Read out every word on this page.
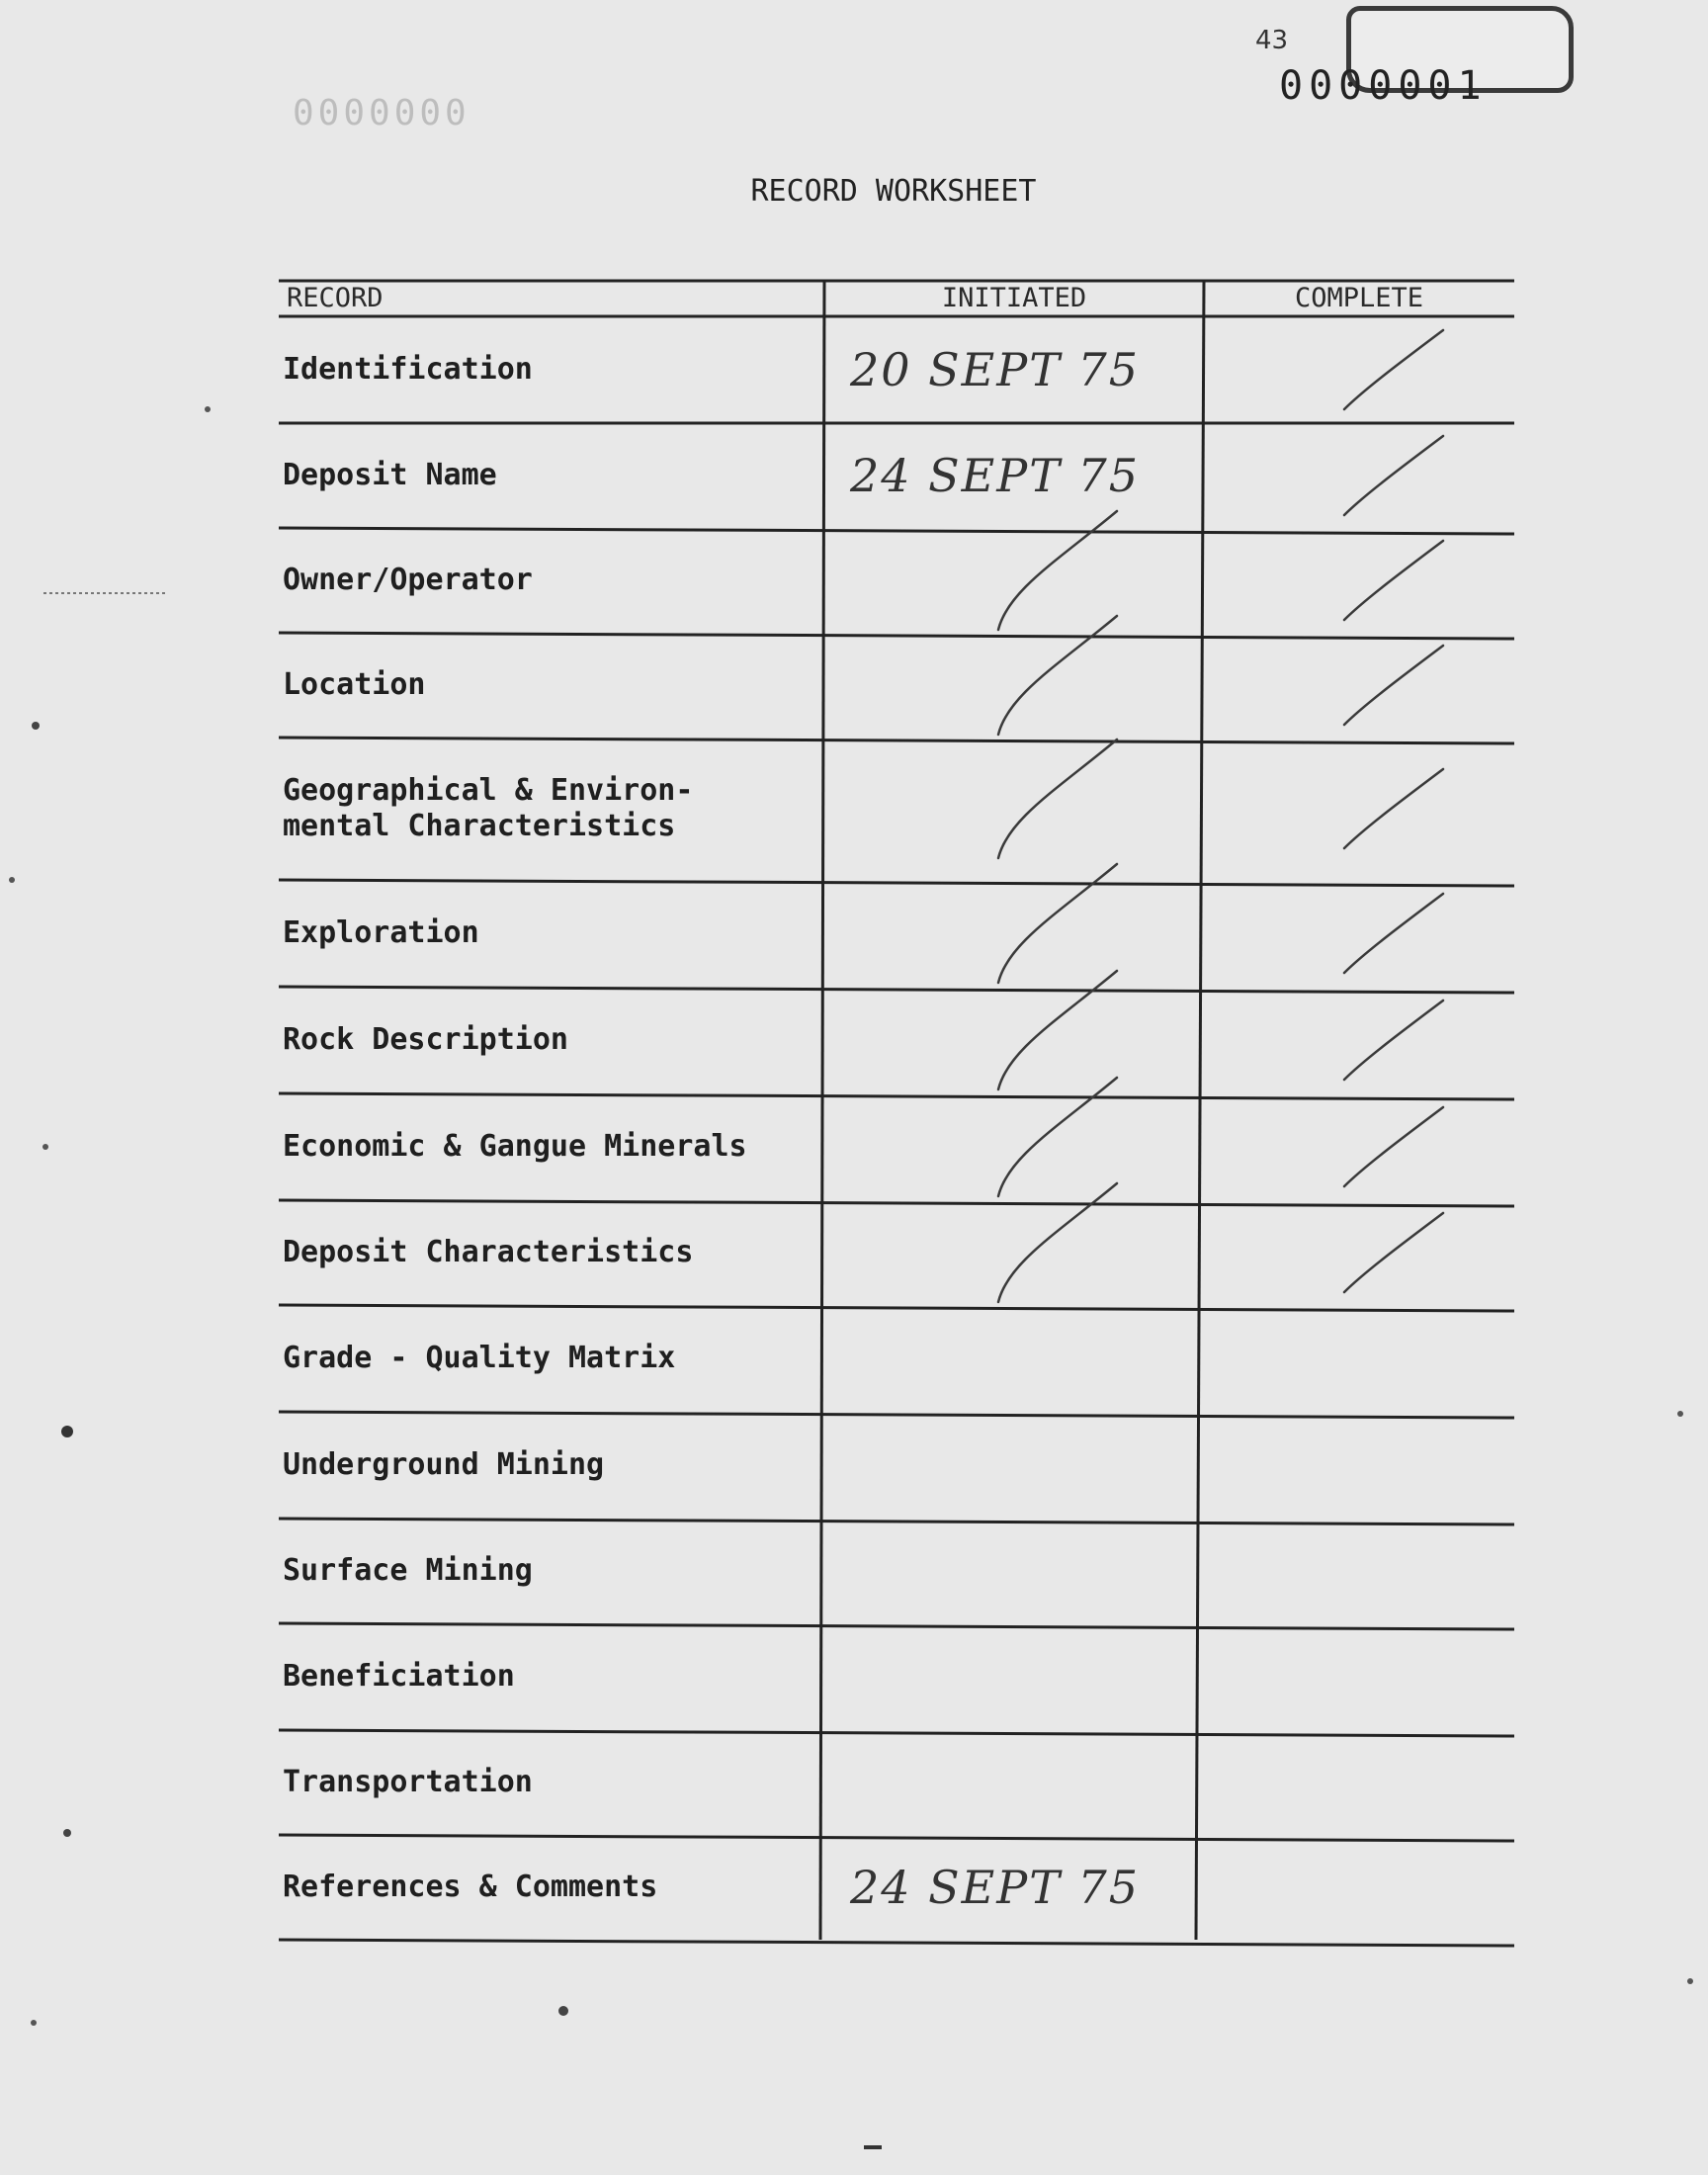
43
0000001
0000000
RECORD WORKSHEET
RECORD	INITIATED	COMPLETE
Identification	20 SEPT 75
Deposit Name	24 SEPT 75
Owner/Operator
Location
Geographical & Environ-
mental Characteristics
Exploration
Rock Description
Economic & Gangue Minerals
Deposit Characteristics
Grade - Quality Matrix
Underground Mining
Surface Mining
Beneficiation
Transportation
References & Comments	24 SEPT 75
